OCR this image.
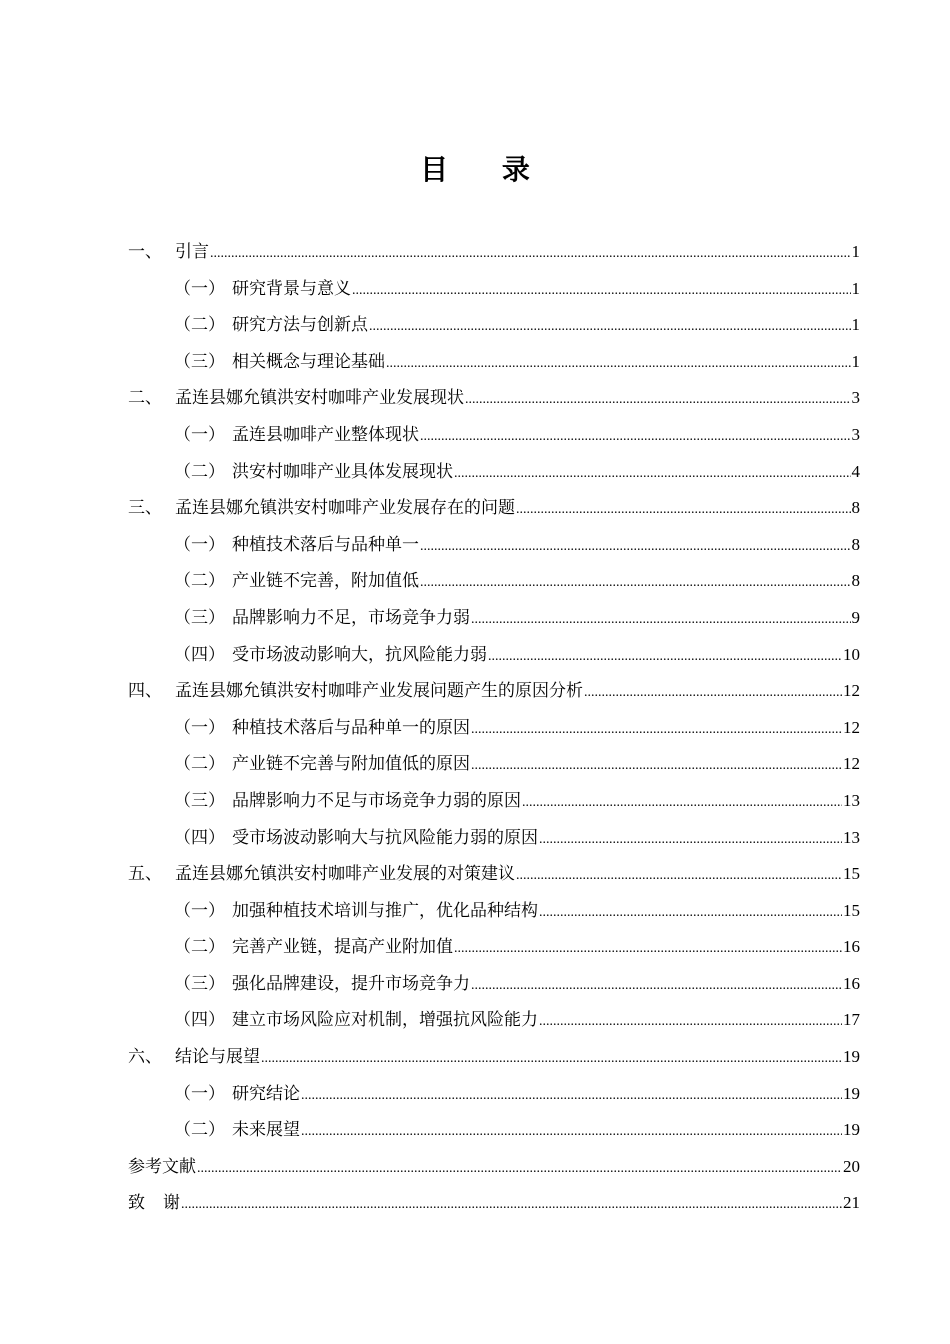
目 录
一、 引言 .....	1
（一） 研究背景与意义 .....	1
（二） 研究方法与创新点 .....	1
（三） 相关概念与理论基础 .....	1
二、 孟连县娜允镇洪安村咖啡产业发展现状 .....	3
（一） 孟连县咖啡产业整体现状 .....	3
（二） 洪安村咖啡产业具体发展现状 .....	4
三、 孟连县娜允镇洪安村咖啡产业发展存在的问题 .....	8
（一） 种植技术落后与品种单一 .....	8
（二） 产业链不完善，附加值低 .....	8
（三） 品牌影响力不足，市场竞争力弱 .....	9
（四） 受市场波动影响大，抗风险能力弱 .....	10
四、 孟连县娜允镇洪安村咖啡产业发展问题产生的原因分析 .....	12
（一） 种植技术落后与品种单一的原因 .....	12
（二） 产业链不完善与附加值低的原因 .....	12
（三） 品牌影响力不足与市场竞争力弱的原因 .....	13
（四） 受市场波动影响大与抗风险能力弱的原因 .....	13
五、 孟连县娜允镇洪安村咖啡产业发展的对策建议 .....	15
（一） 加强种植技术培训与推广，优化品种结构 .....	15
（二） 完善产业链，提高产业附加值 .....	16
（三） 强化品牌建设，提升市场竞争力 .....	16
（四） 建立市场风险应对机制，增强抗风险能力 .....	17
六、 结论与展望 .....	19
（一） 研究结论 .....	19
（二） 未来展望 .....	19
参考文献 .....	20
致 谢 .....	21
